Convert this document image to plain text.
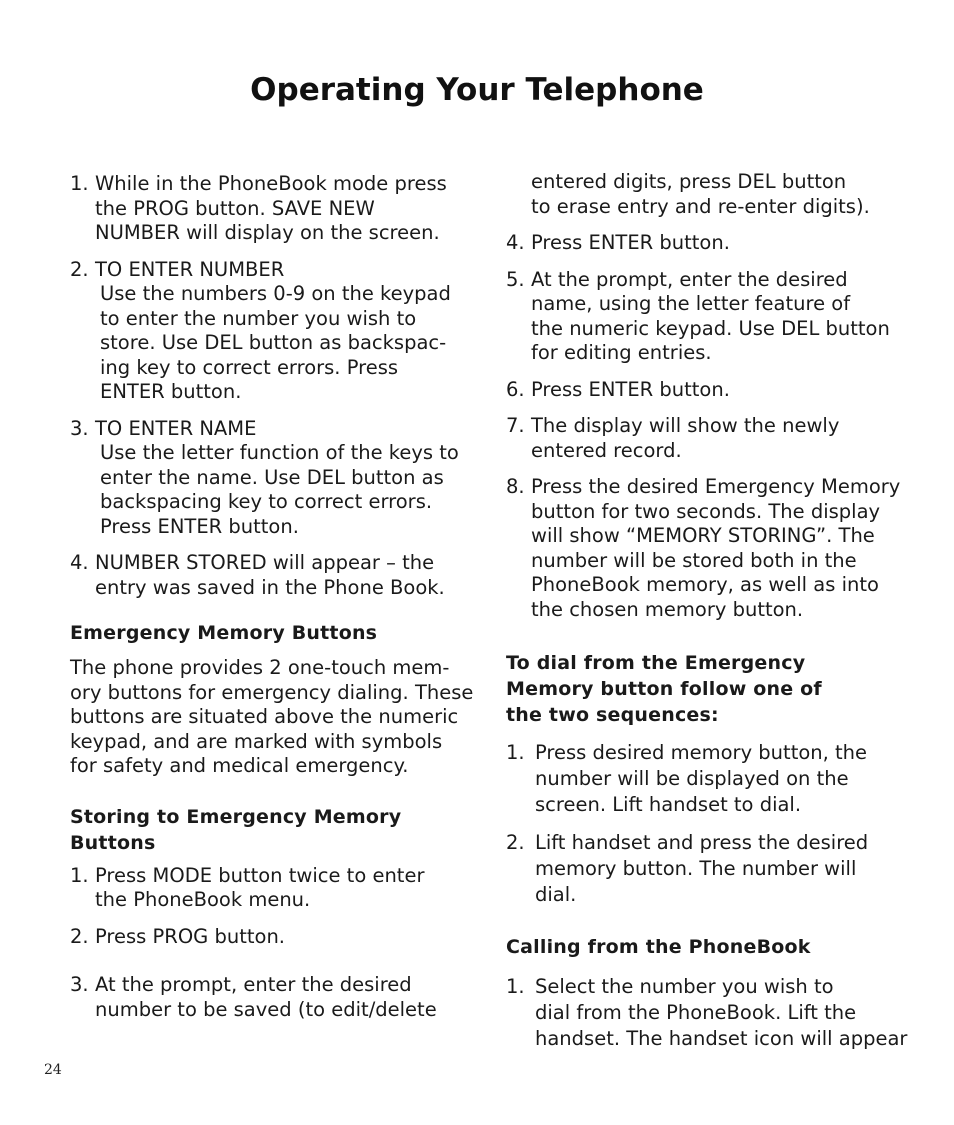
Operating Your Telephone
1. While in the PhoneBook mode press
the PROG button. SAVE NEW
NUMBER will display on the screen.
2. TO ENTER NUMBER
Use the numbers 0-9 on the keypad
to enter the number you wish to
store. Use DEL button as backspac-
ing key to correct errors. Press
ENTER button.
3. TO ENTER NAME
Use the letter function of the keys to
enter the name. Use DEL button as
backspacing key to correct errors.
Press ENTER button.
4. NUMBER STORED will appear – the
entry was saved in the Phone Book.
Emergency Memory Buttons
The phone provides 2 one-touch mem-
ory buttons for emergency dialing. These
buttons are situated above the numeric
keypad, and are marked with symbols
for safety and medical emergency.
Storing to Emergency Memory
Buttons
1. Press MODE button twice to enter
the PhoneBook menu.
2. Press PROG button.
3. At the prompt, enter the desired
number to be saved (to edit/delete
entered digits, press DEL button
to erase entry and re-enter digits).
4. Press ENTER button.
5. At the prompt, enter the desired
name, using the letter feature of
the numeric keypad. Use DEL button
for editing entries.
6. Press ENTER button.
7. The display will show the newly
entered record.
8. Press the desired Emergency Memory
button for two seconds. The display
will show “MEMORY STORING”. The
number will be stored both in the
PhoneBook memory, as well as into
the chosen memory button.
To dial from the Emergency
Memory button follow one of
the two sequences:
1. Press desired memory button, the
number will be displayed on the
screen. Lift handset to dial.
2. Lift handset and press the desired
memory button. The number will
dial.
Calling from the PhoneBook
1. Select the number you wish to
dial from the PhoneBook. Lift the
handset. The handset icon will appear
24
